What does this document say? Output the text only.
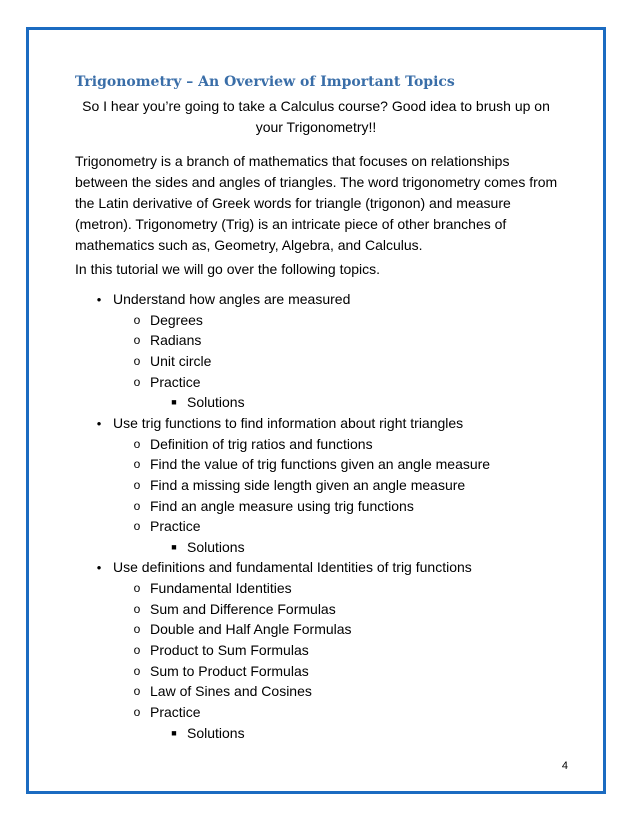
Trigonometry – An Overview of Important Topics
So I hear you’re going to take a Calculus course? Good idea to brush up on your Trigonometry!!
Trigonometry is a branch of mathematics that focuses on relationships between the sides and angles of triangles. The word trigonometry comes from the Latin derivative of Greek words for triangle (trigonon) and measure (metron). Trigonometry (Trig) is an intricate piece of other branches of mathematics such as, Geometry, Algebra, and Calculus.
In this tutorial we will go over the following topics.
• Understand how angles are measured
o Degrees
o Radians
o Unit circle
o Practice
■ Solutions
• Use trig functions to find information about right triangles
o Definition of trig ratios and functions
o Find the value of trig functions given an angle measure
o Find a missing side length given an angle measure
o Find an angle measure using trig functions
o Practice
■ Solutions
• Use definitions and fundamental Identities of trig functions
o Fundamental Identities
o Sum and Difference Formulas
o Double and Half Angle Formulas
o Product to Sum Formulas
o Sum to Product Formulas
o Law of Sines and Cosines
o Practice
■ Solutions
4
